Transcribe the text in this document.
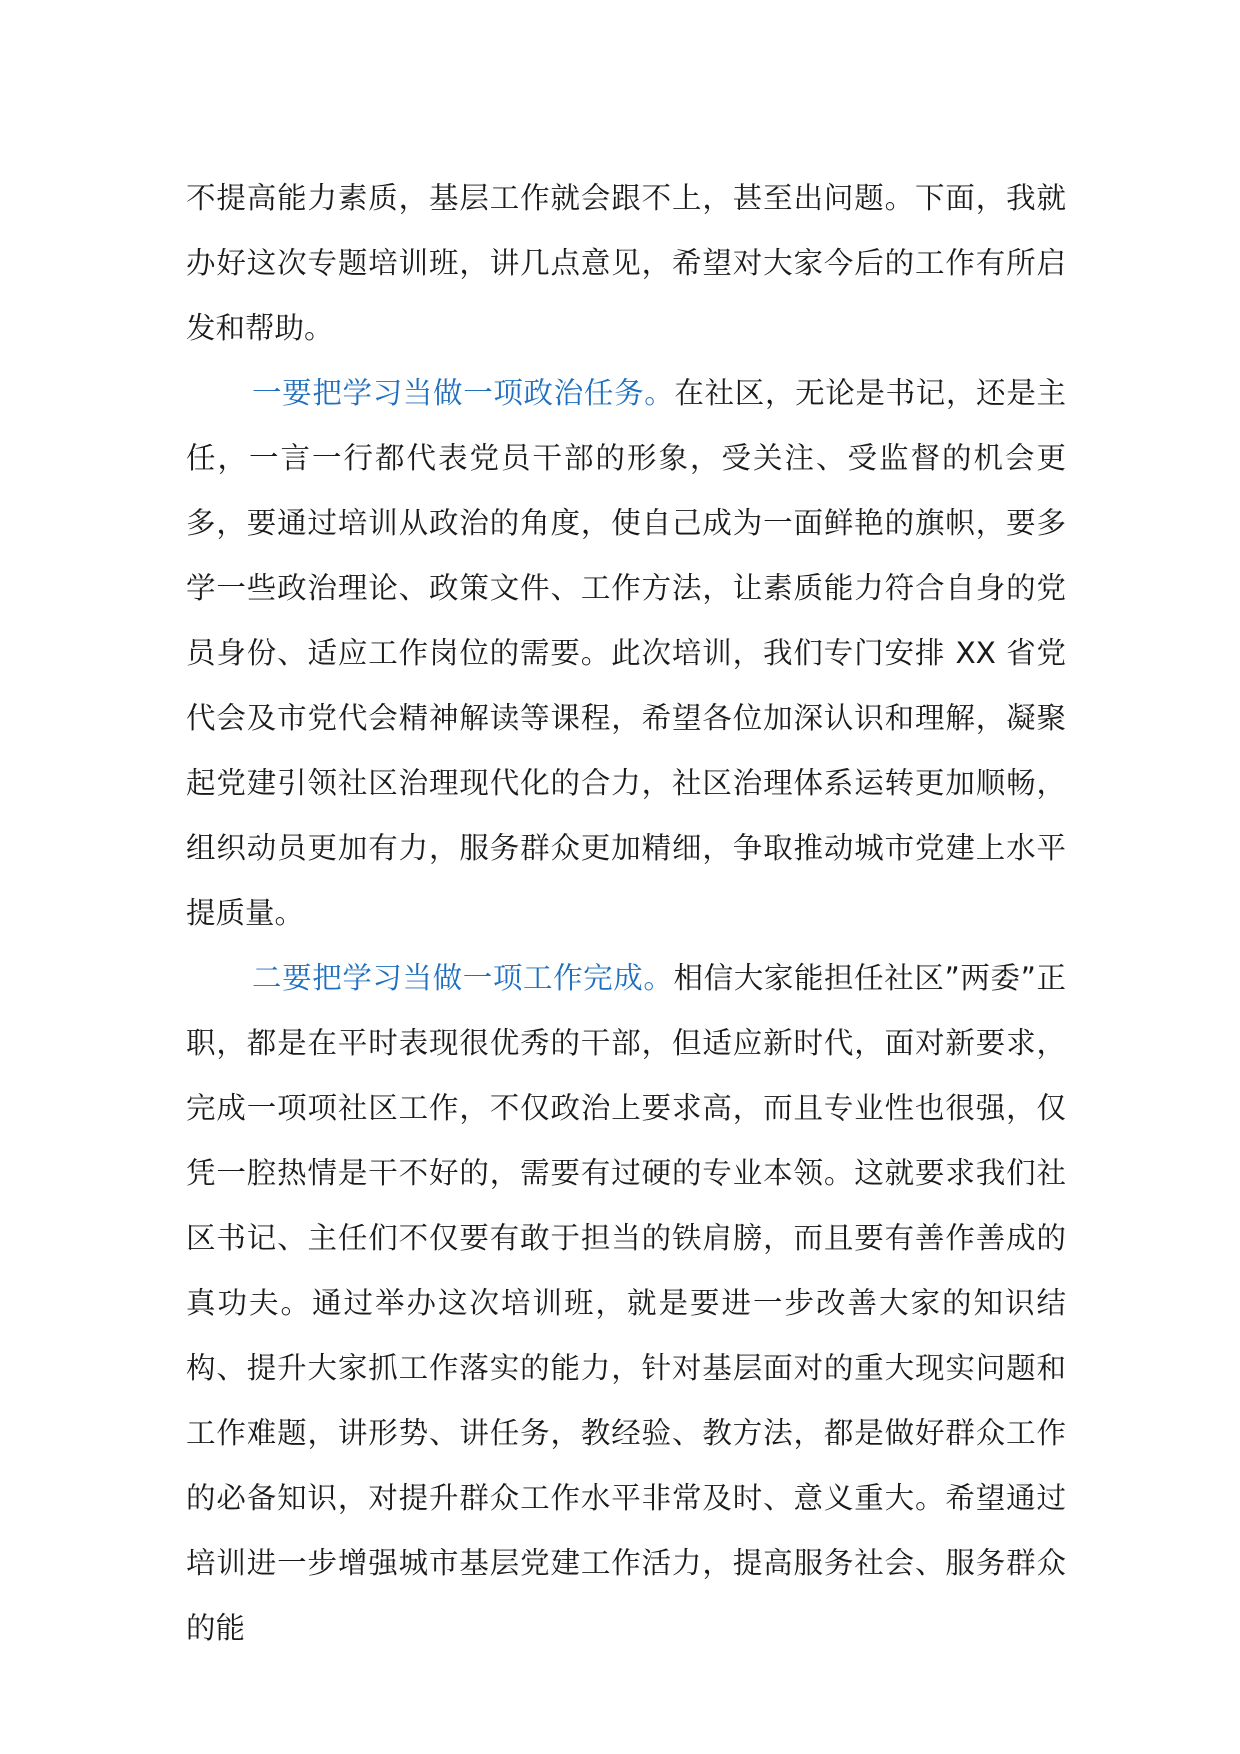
不提高能力素质，基层工作就会跟不上，甚至出问题。下面，我就办好这次专题培训班，讲几点意见，希望对大家今后的工作有所启发和帮助。

一要把学习当做一项政治任务。在社区，无论是书记，还是主任，一言一行都代表党员干部的形象，受关注、受监督的机会更多，要通过培训从政治的角度，使自己成为一面鲜艳的旗帜，要多学一些政治理论、政策文件、工作方法，让素质能力符合自身的党员身份、适应工作岗位的需要。此次培训，我们专门安排 XX 省党代会及市党代会精神解读等课程，希望各位加深认识和理解，凝聚起党建引领社区治理现代化的合力，社区治理体系运转更加顺畅，组织动员更加有力，服务群众更加精细，争取推动城市党建上水平提质量。

二要把学习当做一项工作完成。相信大家能担任社区”两委”正职，都是在平时表现很优秀的干部，但适应新时代，面对新要求，完成一项项社区工作，不仅政治上要求高，而且专业性也很强，仅凭一腔热情是干不好的，需要有过硬的专业本领。这就要求我们社区书记、主任们不仅要有敢于担当的铁肩膀，而且要有善作善成的真功夫。通过举办这次培训班，就是要进一步改善大家的知识结构、提升大家抓工作落实的能力，针对基层面对的重大现实问题和工作难题，讲形势、讲任务，教经验、教方法，都是做好群众工作的必备知识，对提升群众工作水平非常及时、意义重大。希望通过培训进一步增强城市基层党建工作活力，提高服务社会、服务群众的能
